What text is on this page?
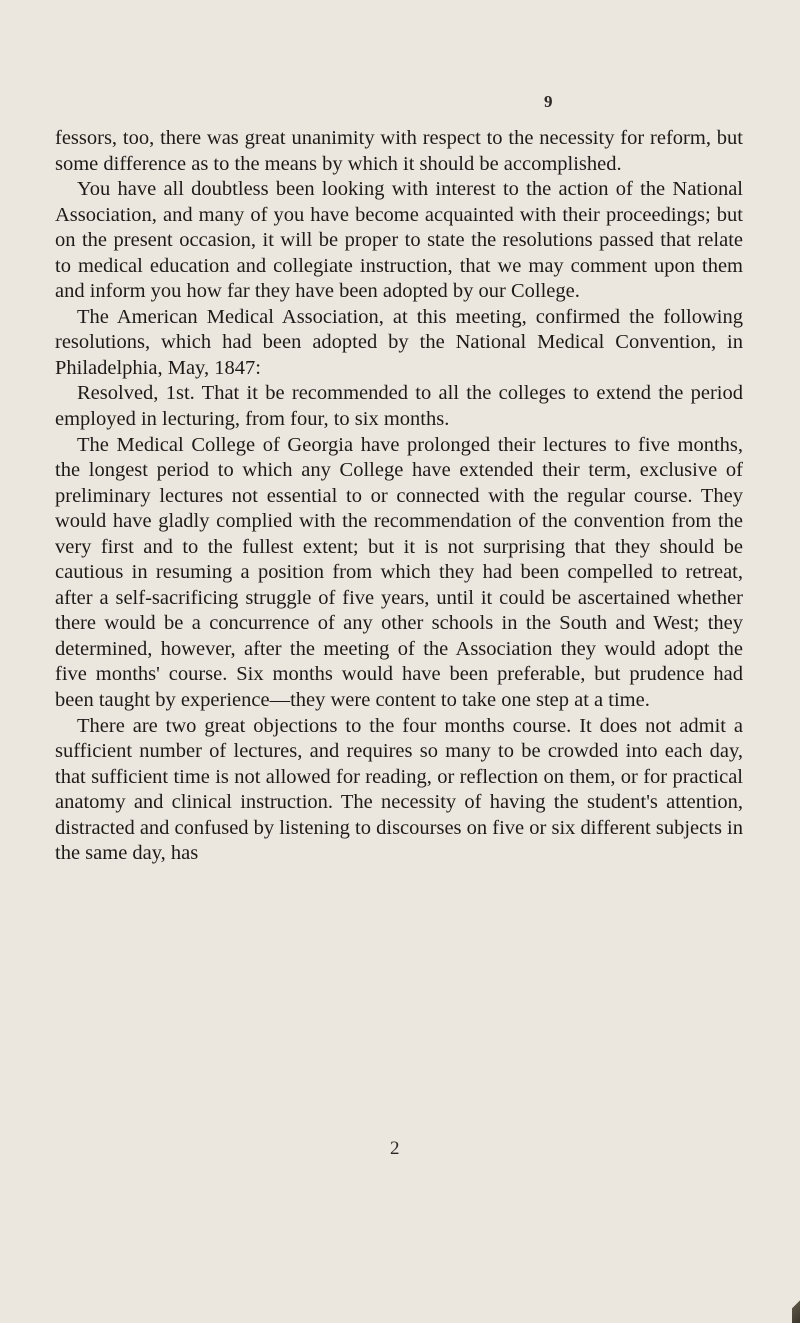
9

fessors, too, there was great unanimity with respect to the necessity for reform, but some difference as to the means by which it should be accomplished.

You have all doubtless been looking with interest to the action of the National Association, and many of you have become acquainted with their proceedings; but on the present occasion, it will be proper to state the resolutions passed that relate to medical education and collegiate instruction, that we may comment upon them and inform you how far they have been adopted by our College.

The American Medical Association, at this meeting, confirmed the following resolutions, which had been adopted by the National Medical Convention, in Philadelphia, May, 1847:

Resolved, 1st. That it be recommended to all the colleges to extend the period employed in lecturing, from four, to six months.

The Medical College of Georgia have prolonged their lectures to five months, the longest period to which any College have extended their term, exclusive of preliminary lectures not essential to or connected with the regular course. They would have gladly complied with the recommendation of the convention from the very first and to the fullest extent; but it is not surprising that they should be cautious in resuming a position from which they had been compelled to retreat, after a self-sacrificing struggle of five years, until it could be ascertained whether there would be a concurrence of any other schools in the South and West; they determined, however, after the meeting of the Association they would adopt the five months' course. Six months would have been preferable, but prudence had been taught by experience—they were content to take one step at a time.

There are two great objections to the four months course. It does not admit a sufficient number of lectures, and requires so many to be crowded into each day, that sufficient time is not allowed for reading, or reflection on them, or for practical anatomy and clinical instruction. The necessity of having the student's attention, distracted and confused by listening to discourses on five or six different subjects in the same day, has

2
